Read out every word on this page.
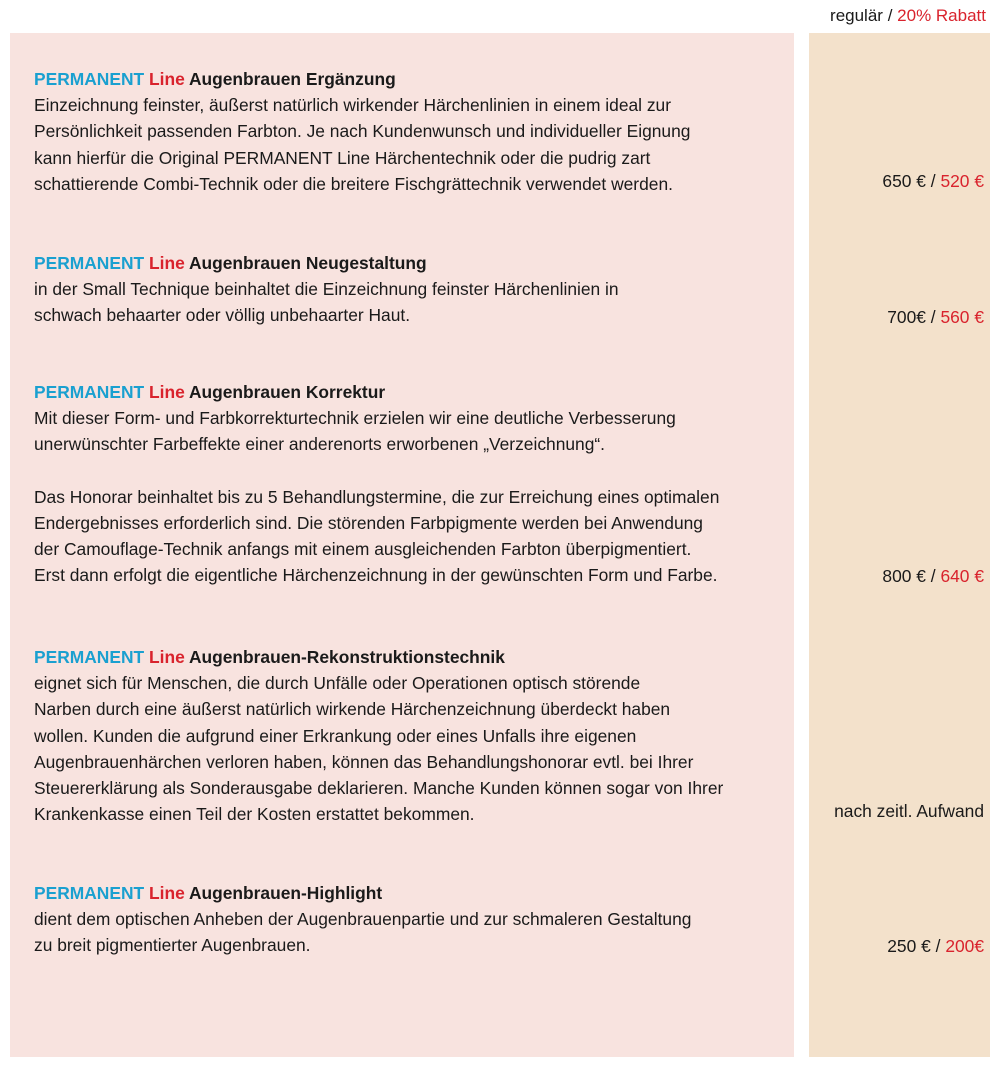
regulär / 20% Rabatt

PERMANENT Line Augenbrauen Ergänzung

Einzeichnung feinster, äußerst natürlich wirkender Härchenlinien in einem ideal zur

Persönlichkeit passenden Farbton. Je nach Kundenwunsch und individueller Eignung

kann hierfür die Original PERMANENT Line Härchentechnik oder die pudrig zart

schattierende Combi-Technik oder die breitere Fischgrättechnik verwendet werden.	650 € / 520 €

PERMANENT Line Augenbrauen Neugestaltung

in der Small Technique beinhaltet die Einzeichnung feinster Härchenlinien in

schwach behaarter oder völlig unbehaarter Haut.	700€ / 560 €

PERMANENT Line Augenbrauen Korrektur

Mit dieser Form- und Farbkorrekturtechnik erzielen wir eine deutliche Verbesserung

unerwünschter Farbeffekte einer anderenorts erworbenen „Verzeichnung“.

Das Honorar beinhaltet bis zu 5 Behandlungstermine, die zur Erreichung eines optimalen

Endergebnisses erforderlich sind. Die störenden Farbpigmente werden bei Anwendung

der Camouflage-Technik anfangs mit einem ausgleichenden Farbton überpigmentiert.

Erst dann erfolgt die eigentliche Härchenzeichnung in der gewünschten Form und Farbe.	800 € / 640 €

PERMANENT Line Augenbrauen-Rekonstruktionstechnik

eignet sich für Menschen, die durch Unfälle oder Operationen optisch störende

Narben durch eine äußerst natürlich wirkende Härchenzeichnung überdeckt haben

wollen. Kunden die aufgrund einer Erkrankung oder eines Unfalls ihre eigenen

Augenbrauenhärchen verloren haben, können das Behandlungshonorar evtl. bei Ihrer

Steuererklärung als Sonderausgabe deklarieren. Manche Kunden können sogar von Ihrer

Krankenkasse einen Teil der Kosten erstattet bekommen.	nach zeitl. Aufwand

PERMANENT Line Augenbrauen-Highlight

dient dem optischen Anheben der Augenbrauenpartie und zur schmaleren Gestaltung

zu breit pigmentierter Augenbrauen.	250 € / 200€
